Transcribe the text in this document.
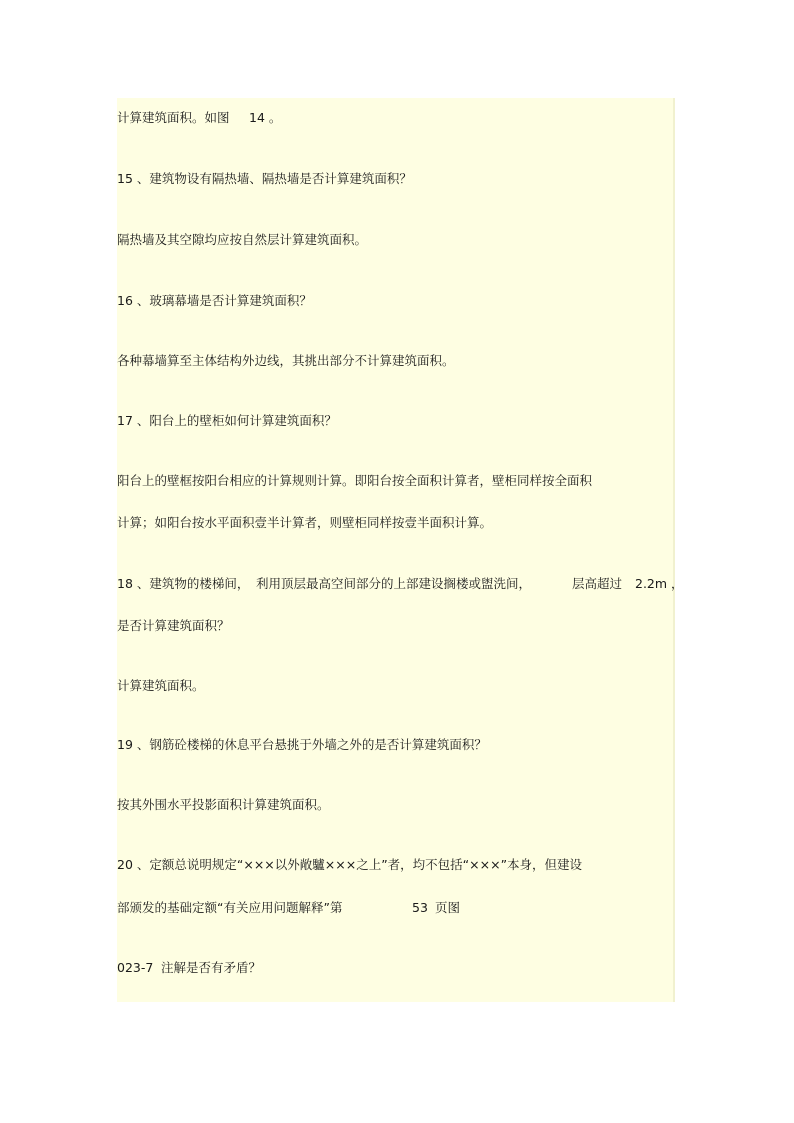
计算建筑面积。如图

14 。

15 、建筑物设有隔热墙、隔热墙是否计算建筑面积？

隔热墙及其空隙均应按自然层计算建筑面积。

16 、玻璃幕墙是否计算建筑面积？

各种幕墙算至主体结构外边线，其挑出部分不计算建筑面积。

17 、阳台上的壁柜如何计算建筑面积？

阳台上的壁框按阳台相应的计算规则计算。即阳台按全面积计算者，壁柜同样按全面积

计算；如阳台按水平面积壹半计算者，则壁柜同样按壹半面积计算。

18 、建筑物的楼梯间，

利用顶层最高空间部分的上部建设搁楼或盥洗间，

	层高超过

2.2m ，

是否计算建筑面积？

计算建筑面积。

19 、钢筋砼楼梯的休息平台悬挑于外墙之外的是否计算建筑面积？

按其外围水平投影面积计算建筑面积。

20 、定额总说明规定“×××以外敞驢×××之上”者，均不包括“×××”本身，但建设

部颁发的基础定额“有关应用问题解释”第

	53

页图

023-7

注解是否有矛盾？
